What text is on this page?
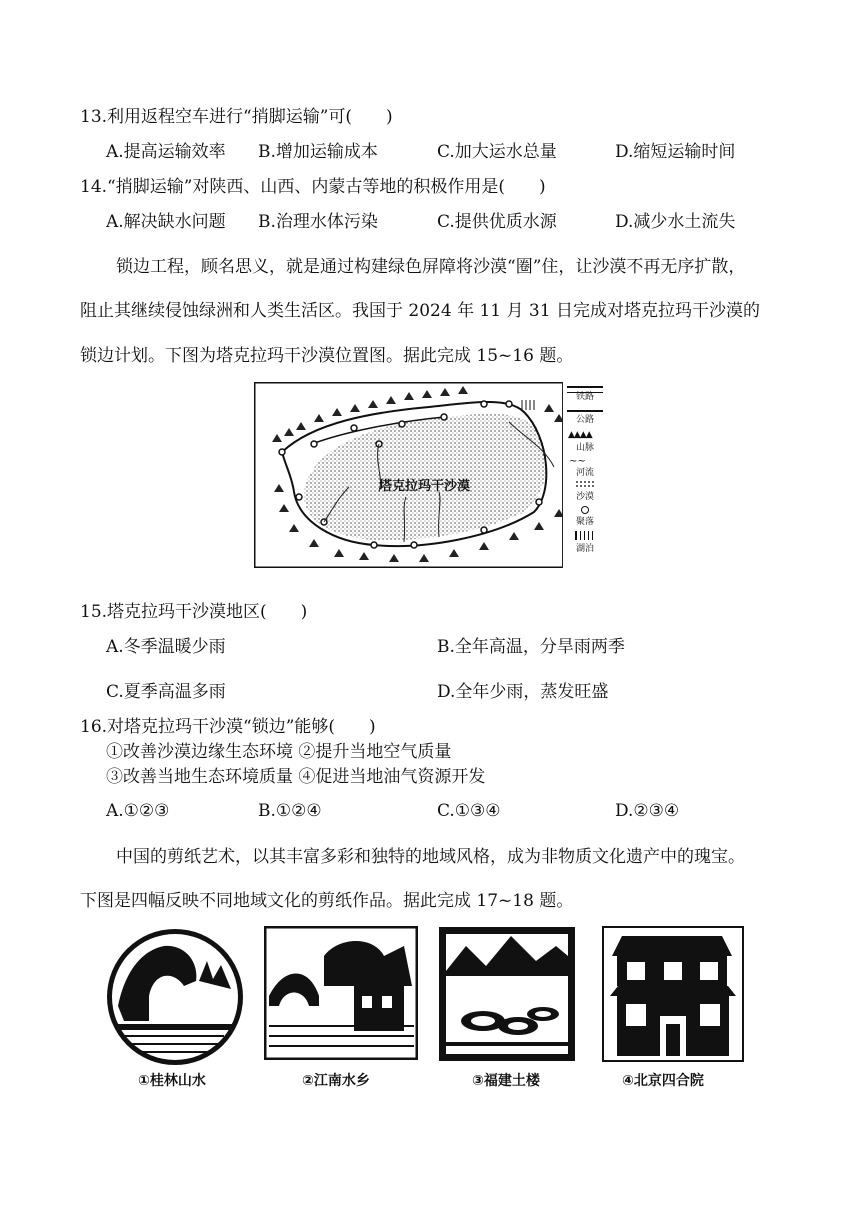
13.利用返程空车进行“捎脚运输”可(　　)
A.提高运输效率 B.增加运输成本	C.加大运水总量	D.缩短运输时间
14.“捎脚运输”对陕西、山西、内蒙古等地的积极作用是(　　)
A.解决缺水问题 B.治理水体污染	C.提供优质水源	D.减少水土流失
锁边工程，顾名思义，就是通过构建绿色屏障将沙漠“圈”住，让沙漠不再无序扩散，
阻止其继续侵蚀绿洲和人类生活区。我国于 2024 年 11 月 31 日完成对塔克拉玛干沙漠的
锁边计划。下图为塔克拉玛干沙漠位置图。据此完成 15~16 题。
塔克拉玛干沙漠
铁路
公路
▲▲▲▲
山脉
∼∼
河流
沙漠
聚落
湖泊
15.塔克拉玛干沙漠地区(　　)
A.冬季温暖少雨	B.全年高温，分旱雨两季
C.夏季高温多雨	D.全年少雨，蒸发旺盛
16.对塔克拉玛干沙漠“锁边”能够(　　)
①改善沙漠边缘生态环境 ②提升当地空气质量
③改善当地生态环境质量 ④促进当地油气资源开发
A.①②③	B.①②④	C.①③④	D.②③④
中国的剪纸艺术，以其丰富多彩和独特的地域风格，成为非物质文化遗产中的瑰宝。
下图是四幅反映不同地域文化的剪纸作品。据此完成 17~18 题。
①桂林山水	②江南水乡	③福建土楼	④北京四合院
